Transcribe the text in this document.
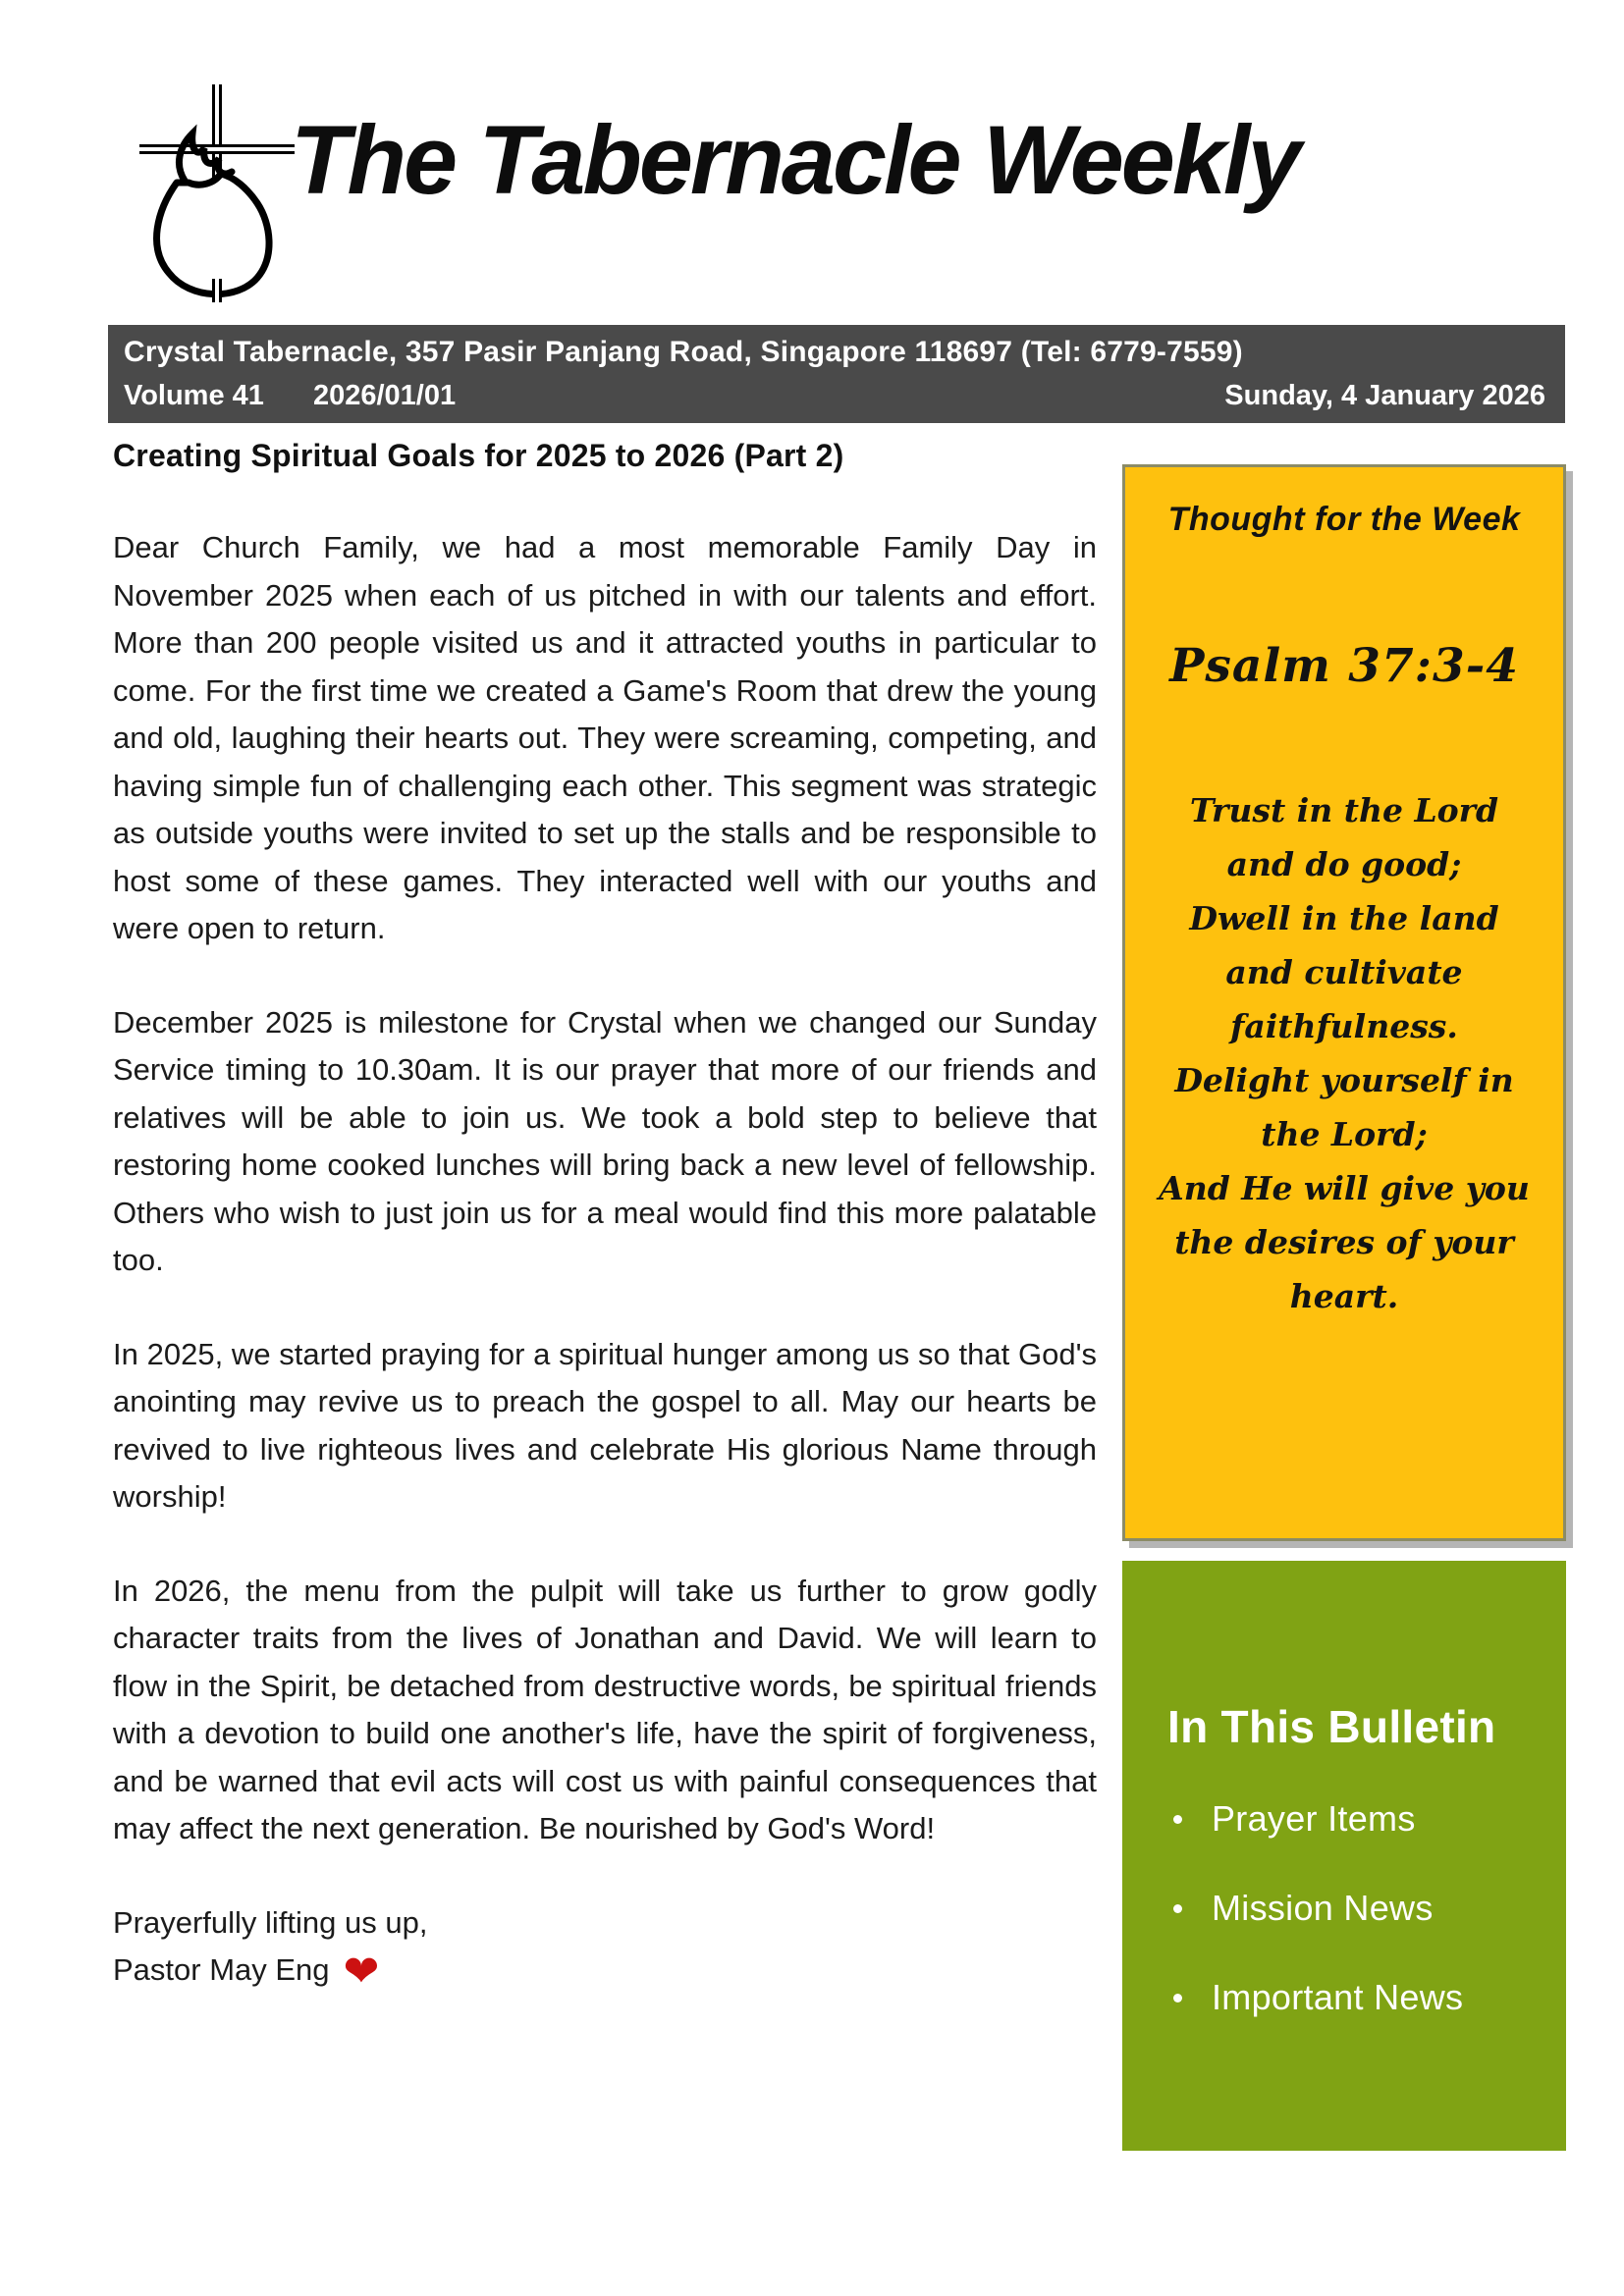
The Tabernacle Weekly
Crystal Tabernacle, 357 Pasir Panjang Road, Singapore 118697 (Tel: 6779-7559)
Volume 41 2026/01/01	Sunday, 4 January 2026
Creating Spiritual Goals for 2025 to 2026 (Part 2)

Dear Church Family, we had a most memorable Family Day in November 2025 when each of us pitched in with our talents and effort. More than 200 people visited us and it attracted youths in particular to come. For the first time we created a Game's Room that drew the young and old, laughing their hearts out. They were screaming, competing, and having simple fun of challenging each other. This segment was strategic as outside youths were invited to set up the stalls and be responsible to host some of these games. They interacted well with our youths and were open to return.

December 2025 is milestone for Crystal when we changed our Sunday Service timing to 10.30am. It is our prayer that more of our friends and relatives will be able to join us. We took a bold step to believe that restoring home cooked lunches will bring back a new level of fellowship. Others who wish to just join us for a meal would find this more palatable too.

In 2025, we started praying for a spiritual hunger among us so that God's anointing may revive us to preach the gospel to all. May our hearts be revived to live righteous lives and celebrate His glorious Name through worship!

In 2026, the menu from the pulpit will take us further to grow godly character traits from the lives of Jonathan and David. We will learn to flow in the Spirit, be detached from destructive words, be spiritual friends with a devotion to build one another's life, have the spirit of forgiveness, and be warned that evil acts will cost us with painful consequences that may affect the next generation. Be nourished by God's Word!

Prayerfully lifting us up,
Pastor May Eng ❤
Thought for the Week
Psalm 37:3-4
Trust in the Lord and do good;
Dwell in the land and cultivate faithfulness.
Delight yourself in the Lord;
And He will give you the desires of your heart.
In This Bulletin
Prayer Items
Mission News
Important News
